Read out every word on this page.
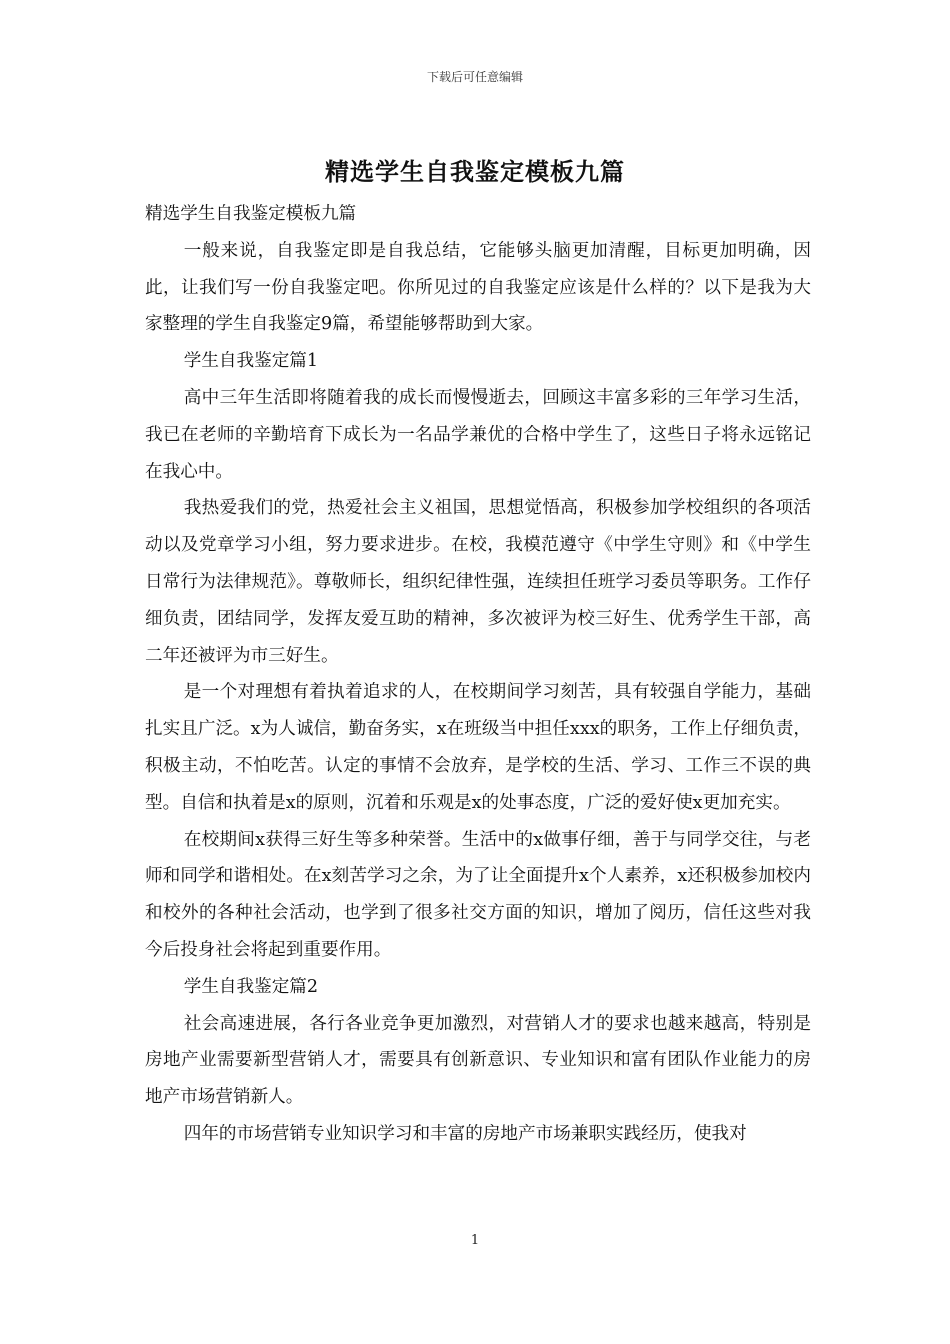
下载后可任意编辑
精选学生自我鉴定模板九篇

精选学生自我鉴定模板九篇

一般来说，自我鉴定即是自我总结，它能够头脑更加清醒，目标更加明确，因此，让我们写一份自我鉴定吧。你所见过的自我鉴定应该是什么样的？以下是我为大家整理的学生自我鉴定9篇，希望能够帮助到大家。

学生自我鉴定篇1

高中三年生活即将随着我的成长而慢慢逝去，回顾这丰富多彩的三年学习生活，我已在老师的辛勤培育下成长为一名品学兼优的合格中学生了，这些日子将永远铭记在我心中。

我热爱我们的党，热爱社会主义祖国，思想觉悟高，积极参加学校组织的各项活动以及党章学习小组，努力要求进步。在校，我模范遵守《中学生守则》和《中学生日常行为法律规范》。尊敬师长，组织纪律性强，连续担任班学习委员等职务。工作仔细负责，团结同学，发挥友爱互助的精神，多次被评为校三好生、优秀学生干部，高二年还被评为市三好生。

是一个对理想有着执着追求的人，在校期间学习刻苦，具有较强自学能力，基础扎实且广泛。x为人诚信，勤奋务实，x在班级当中担任xxx的职务，工作上仔细负责，积极主动，不怕吃苦。认定的事情不会放弃，是学校的生活、学习、工作三不误的典型。自信和执着是x的原则，沉着和乐观是x的处事态度，广泛的爱好使x更加充实。

在校期间x获得三好生等多种荣誉。生活中的x做事仔细，善于与同学交往，与老师和同学和谐相处。在x刻苦学习之余，为了让全面提升x个人素养，x还积极参加校内和校外的各种社会活动，也学到了很多社交方面的知识，增加了阅历，信任这些对我今后投身社会将起到重要作用。

学生自我鉴定篇2

社会高速进展，各行各业竞争更加激烈，对营销人才的要求也越来越高，特别是房地产业需要新型营销人才，需要具有创新意识、专业知识和富有团队作业能力的房地产市场营销新人。

四年的市场营销专业知识学习和丰富的房地产市场兼职实践经历，使我对

1
